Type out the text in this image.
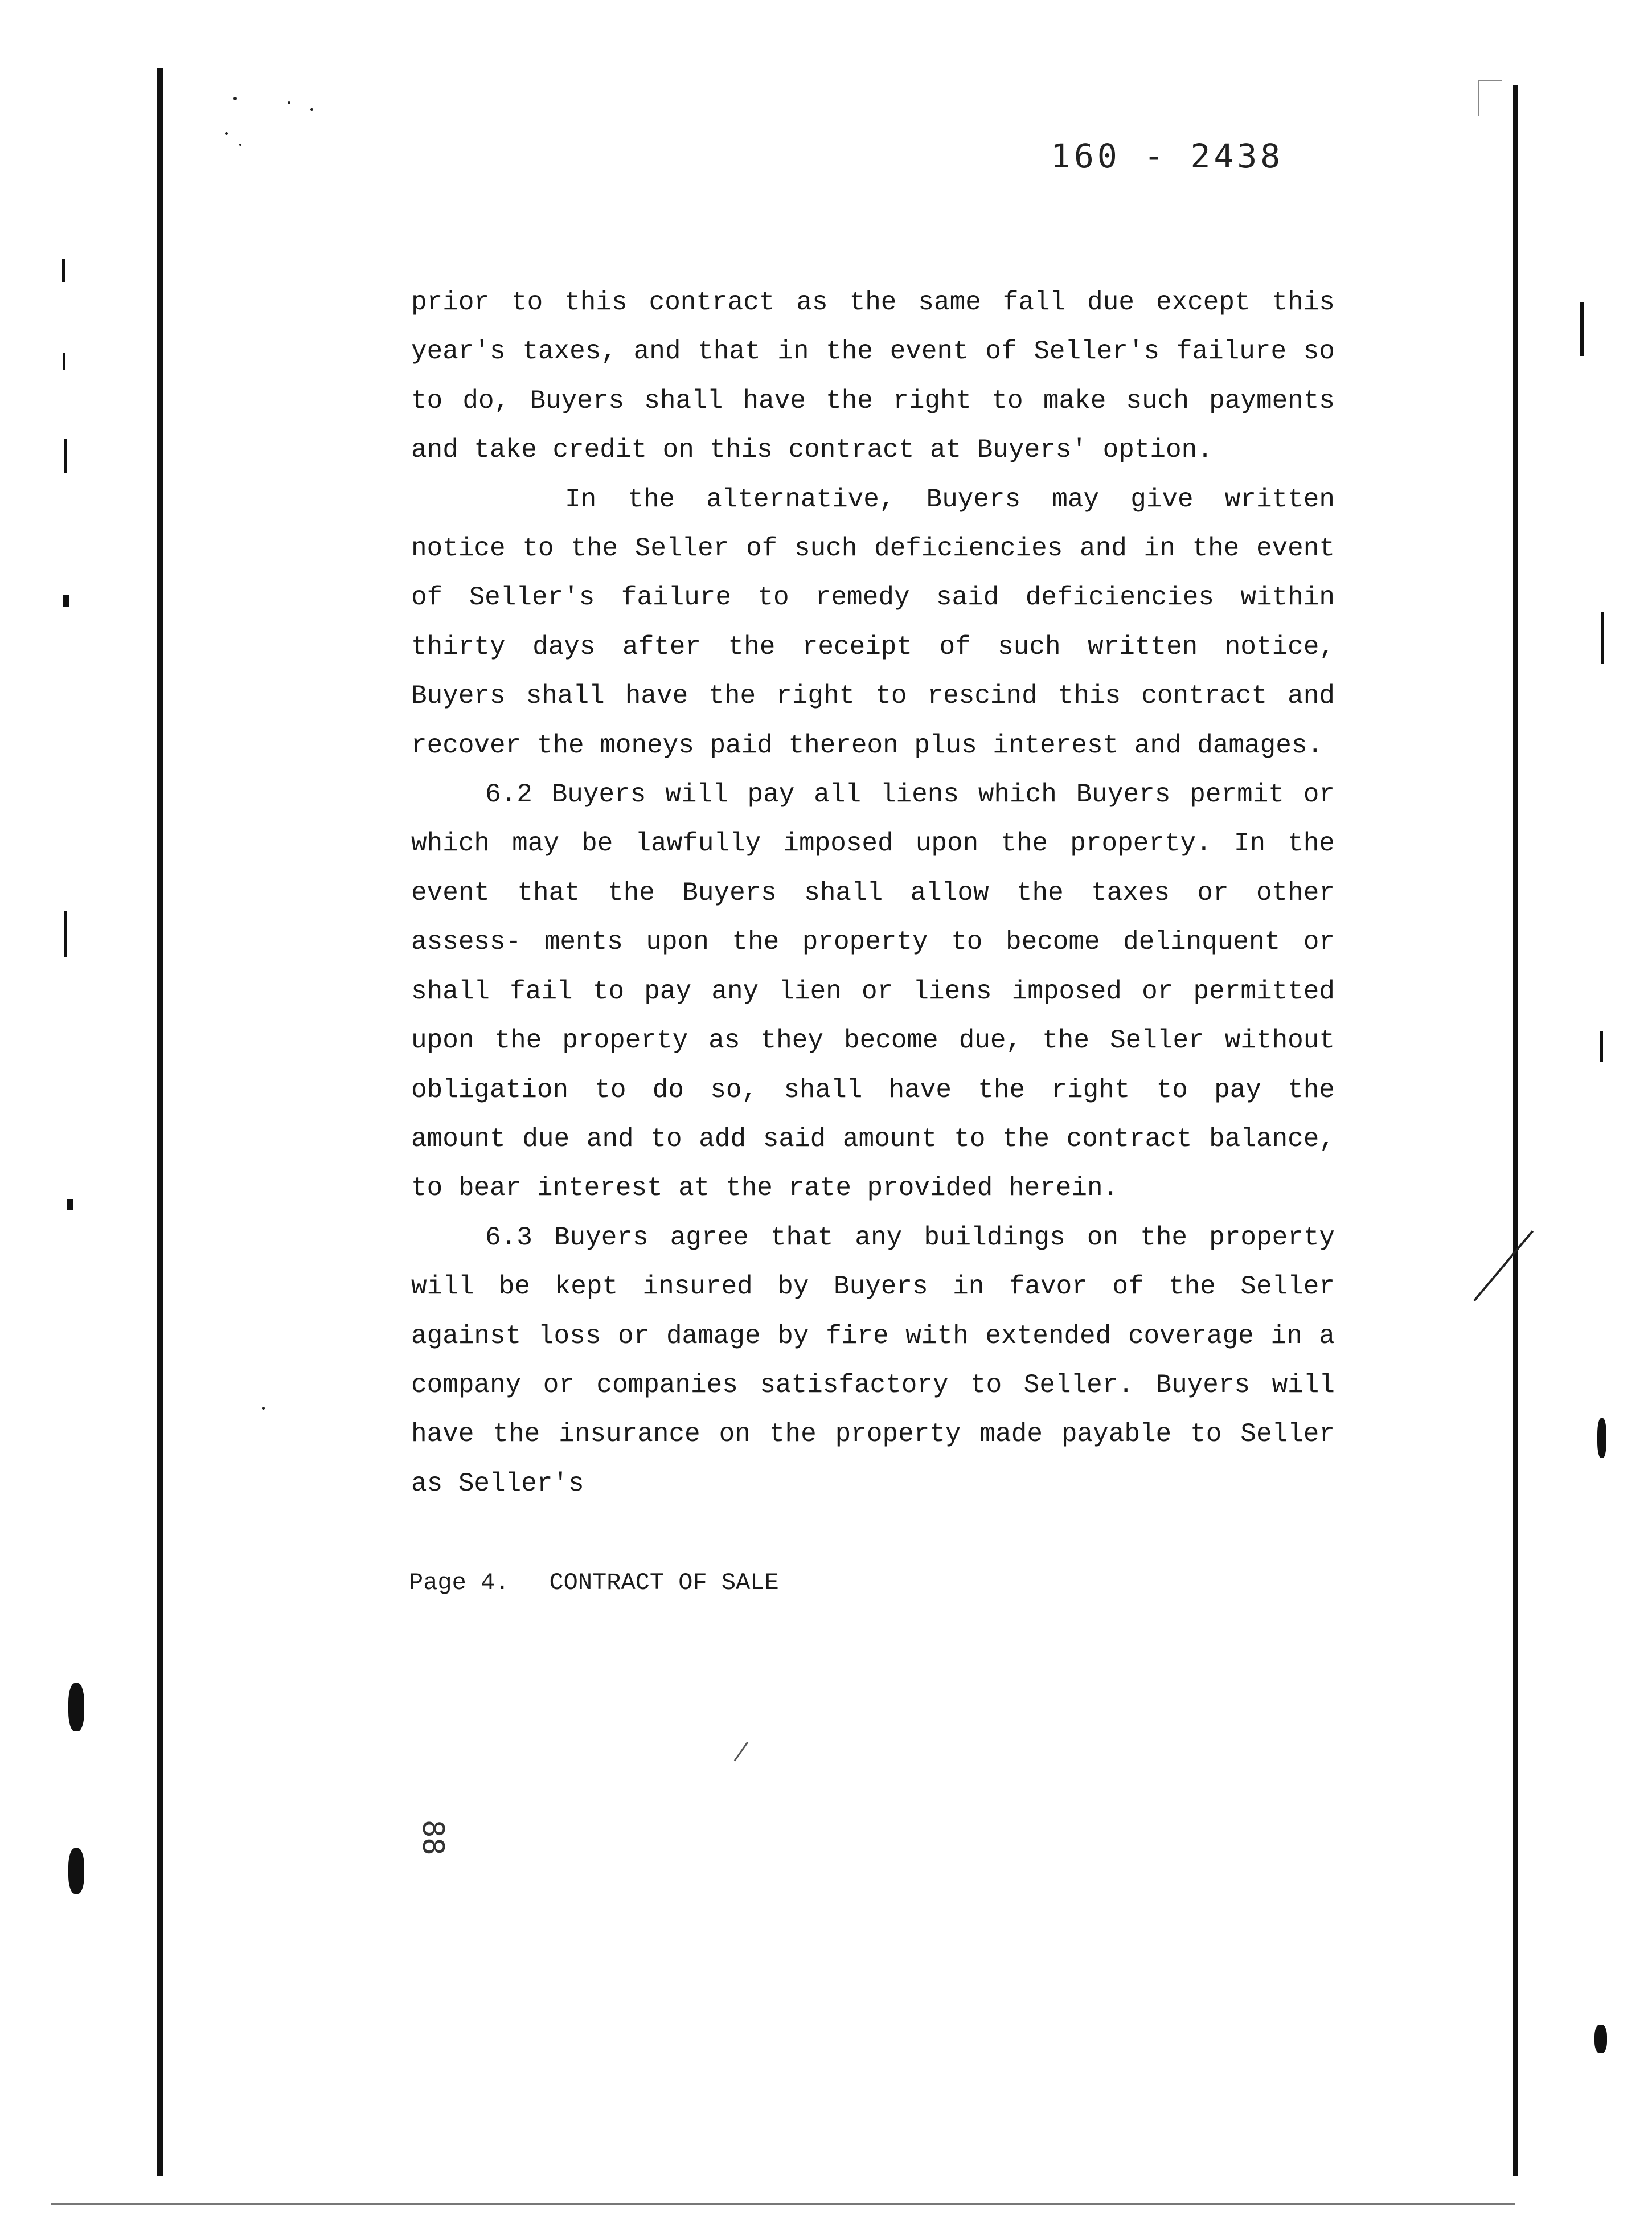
160 - 2438

prior to this contract as the same fall due except this year's taxes, and that in the event of Seller's failure so to do, Buyers shall have the right to make such payments and take credit on this contract at Buyers' option.

In the alternative, Buyers may give written notice to the Seller of such deficiencies and in the event of Seller's failure to remedy said deficiencies within thirty days after the receipt of such written notice, Buyers shall have the right to rescind this contract and recover the moneys paid thereon plus interest and damages.

6.2 Buyers will pay all liens which Buyers permit or which may be lawfully imposed upon the property. In the event that the Buyers shall allow the taxes or other assess- ments upon the property to become delinquent or shall fail to pay any lien or liens imposed or permitted upon the property as they become due, the Seller without obligation to do so, shall have the right to pay the amount due and to add said amount to the contract balance, to bear interest at the rate provided herein.

6.3 Buyers agree that any buildings on the property will be kept insured by Buyers in favor of the Seller against loss or damage by fire with extended coverage in a company or companies satisfactory to Seller. Buyers will have the insurance on the property made payable to Seller as Seller's

Page 4. CONTRACT OF SALE
88
